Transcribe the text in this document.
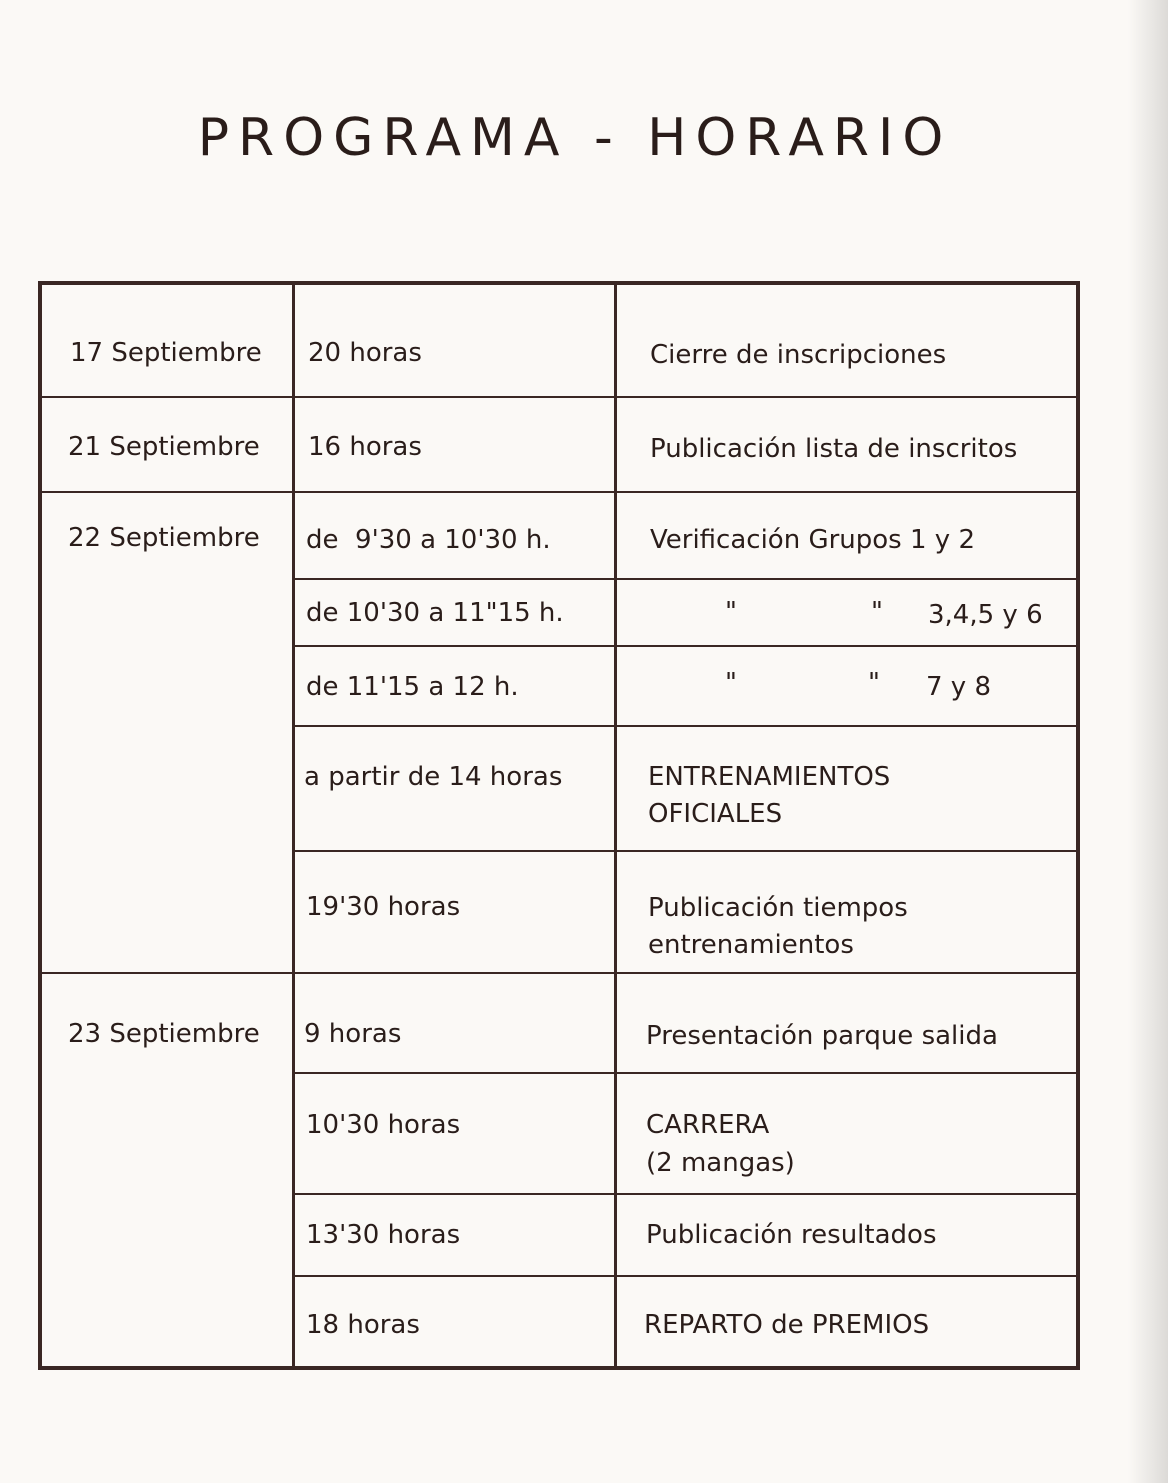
PROGRAMA - HORARIO
17 Septiembre 20 horas	Cierre de inscripciones
21 Septiembre 16 horas	Publicación lista de inscritos
22 Septiembre de  9'30 a 10'30 h.	Verificación Grupos 1 y 2
de 10'30 a 11"15 h.	"	" 3,4,5 y 6
de 11'15 a 12 h.	"	" 7 y 8
a partir de 14 horas	ENTRENAMIENTOS OFICIALES
19'30 horas	Publicación tiempos entrenamientos
23 Septiembre 9 horas	Presentación parque salida
10'30 horas	CARRERA
(2 mangas)
13'30 horas	Publicación resultados
18 horas	REPARTO de PREMIOS
